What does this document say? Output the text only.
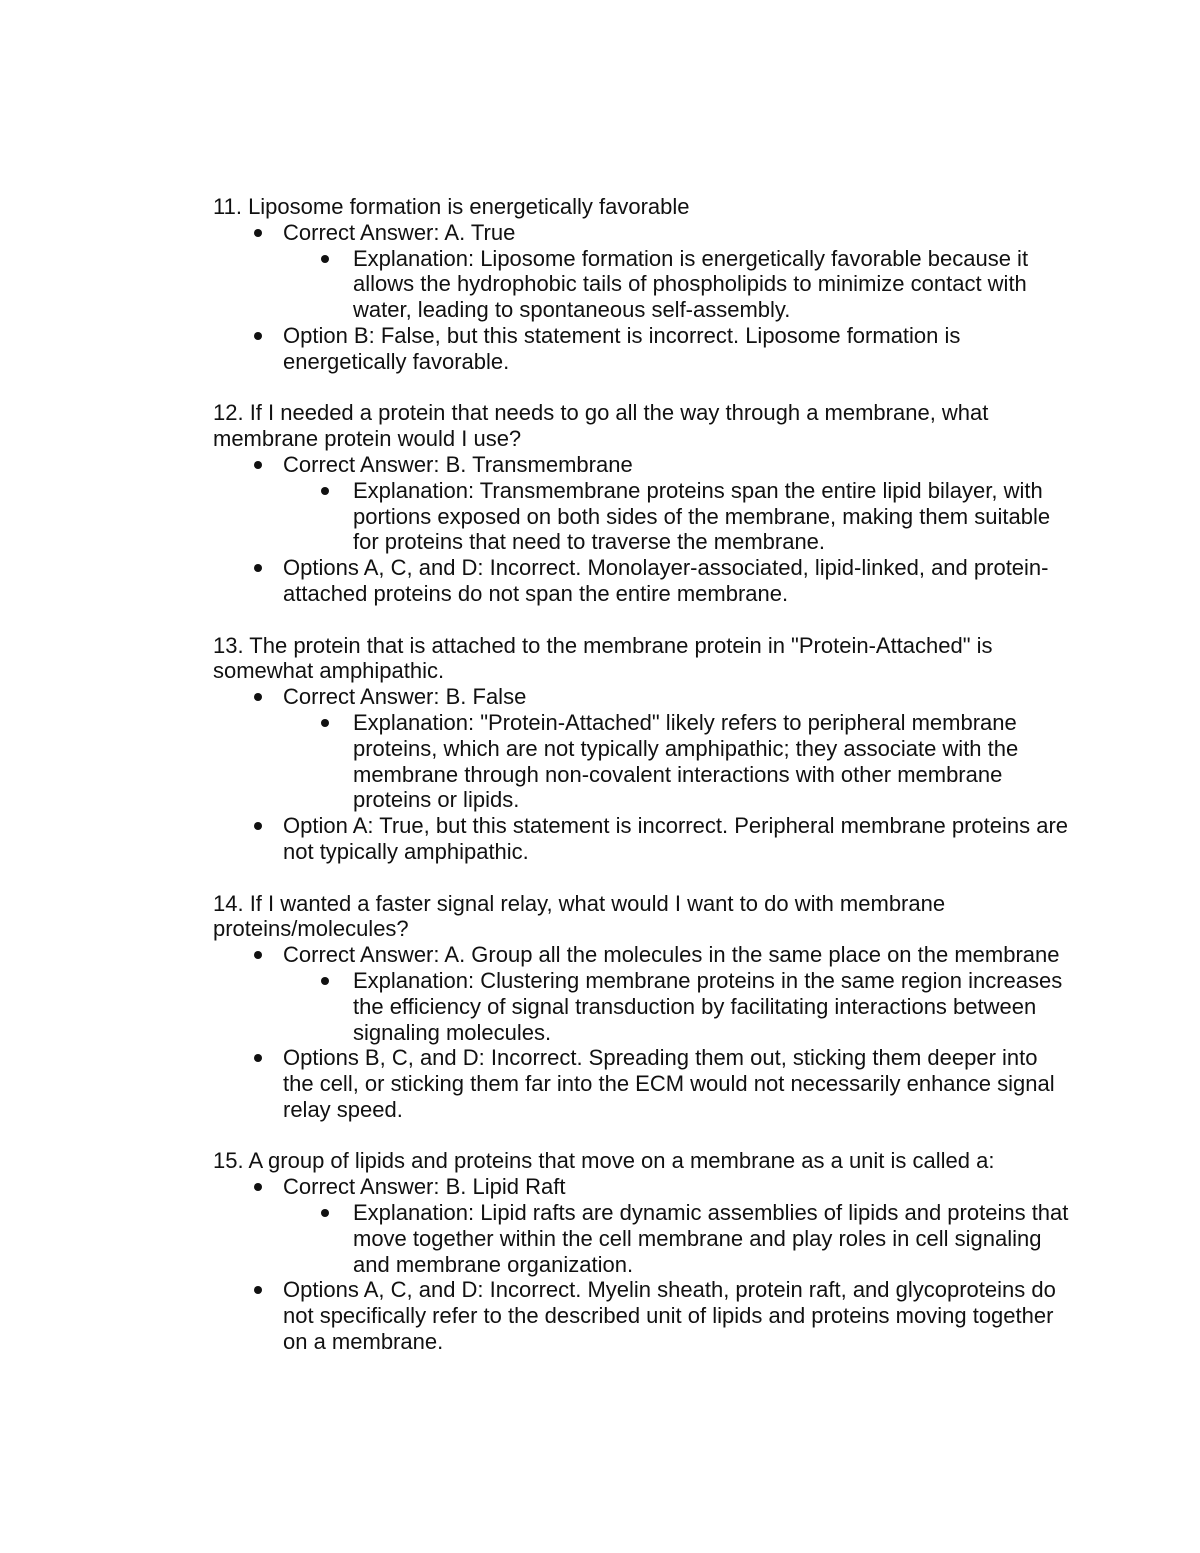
11. Liposome formation is energetically favorable

Correct Answer: A. True

Explanation: Liposome formation is energetically favorable because it allows the hydrophobic tails of phospholipids to minimize contact with water, leading to spontaneous self-assembly.

Option B: False, but this statement is incorrect. Liposome formation is energetically favorable.

12. If I needed a protein that needs to go all the way through a membrane, what membrane protein would I use?

Correct Answer: B. Transmembrane

Explanation: Transmembrane proteins span the entire lipid bilayer, with portions exposed on both sides of the membrane, making them suitable for proteins that need to traverse the membrane.

Options A, C, and D: Incorrect. Monolayer-associated, lipid-linked, and protein-attached proteins do not span the entire membrane.

13. The protein that is attached to the membrane protein in "Protein-Attached" is somewhat amphipathic.

Correct Answer: B. False

Explanation: "Protein-Attached" likely refers to peripheral membrane proteins, which are not typically amphipathic; they associate with the membrane through non-covalent interactions with other membrane proteins or lipids.

Option A: True, but this statement is incorrect. Peripheral membrane proteins are not typically amphipathic.

14. If I wanted a faster signal relay, what would I want to do with membrane proteins/molecules?

Correct Answer: A. Group all the molecules in the same place on the membrane

Explanation: Clustering membrane proteins in the same region increases the efficiency of signal transduction by facilitating interactions between signaling molecules.

Options B, C, and D: Incorrect. Spreading them out, sticking them deeper into the cell, or sticking them far into the ECM would not necessarily enhance signal relay speed.

15. A group of lipids and proteins that move on a membrane as a unit is called a:

Correct Answer: B. Lipid Raft

Explanation: Lipid rafts are dynamic assemblies of lipids and proteins that move together within the cell membrane and play roles in cell signaling and membrane organization.

Options A, C, and D: Incorrect. Myelin sheath, protein raft, and glycoproteins do not specifically refer to the described unit of lipids and proteins moving together on a membrane.
